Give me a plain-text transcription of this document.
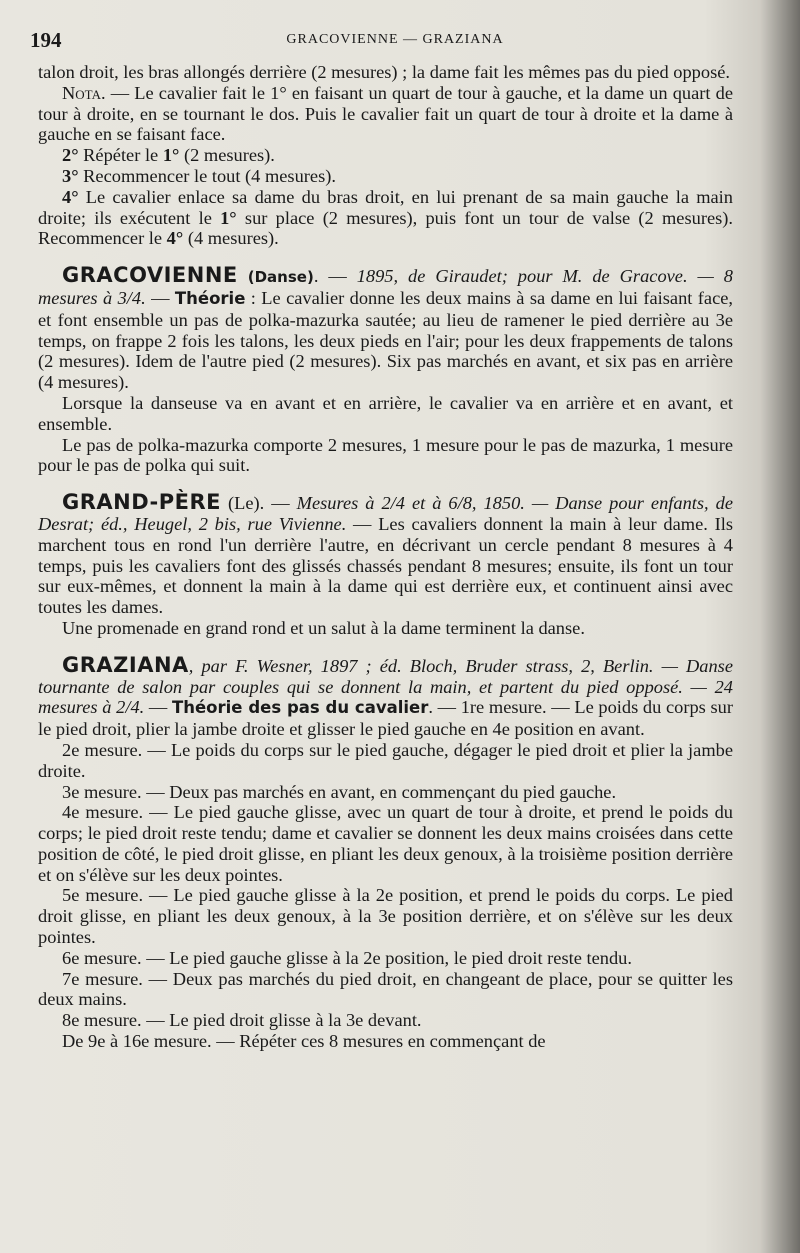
194	GRACOVIENNE — GRAZIANA

talon droit, les bras allongés derrière (2 mesures) ; la dame fait les mêmes pas du pied opposé.

Nota. — Le cavalier fait le 1° en faisant un quart de tour à gauche, et la dame un quart de tour à droite, en se tournant le dos. Puis le cavalier fait un quart de tour à droite et la dame à gauche en se faisant face.

2° Répéter le 1° (2 mesures).

3° Recommencer le tout (4 mesures).

4° Le cavalier enlace sa dame du bras droit, en lui prenant de sa main gauche la main droite; ils exécutent le 1° sur place (2 mesures), puis font un tour de valse (2 mesures). Recommencer le 4° (4 mesures).

GRACOVIENNE (Danse). — 1895, de Giraudet; pour M. de Gracove. — 8 mesures à 3/4. — Théorie : Le cavalier donne les deux mains à sa dame en lui faisant face, et font ensemble un pas de polka-mazurka sautée; au lieu de ramener le pied derrière au 3e temps, on frappe 2 fois les talons, les deux pieds en l'air; pour les deux frappements de talons (2 mesures). Idem de l'autre pied (2 mesures). Six pas marchés en avant, et six pas en arrière (4 mesures).

Lorsque la danseuse va en avant et en arrière, le cavalier va en arrière et en avant, et ensemble.

Le pas de polka-mazurka comporte 2 mesures, 1 mesure pour le pas de mazurka, 1 mesure pour le pas de polka qui suit.

GRAND-PÈRE (Le). — Mesures à 2/4 et à 6/8, 1850. — Danse pour enfants, de Desrat; éd., Heugel, 2 bis, rue Vivienne. — Les cavaliers donnent la main à leur dame. Ils marchent tous en rond l'un derrière l'autre, en décrivant un cercle pendant 8 mesures à 4 temps, puis les cavaliers font des glissés chassés pendant 8 mesures; ensuite, ils font un tour sur eux-mêmes, et donnent la main à la dame qui est derrière eux, et continuent ainsi avec toutes les dames.

Une promenade en grand rond et un salut à la dame terminent la danse.

GRAZIANA, par F. Wesner, 1897 ; éd. Bloch, Bruder strass, 2, Berlin. — Danse tournante de salon par couples qui se donnent la main, et partent du pied opposé. — 24 mesures à 2/4. — Théorie des pas du cavalier. — 1re mesure. — Le poids du corps sur le pied droit, plier la jambe droite et glisser le pied gauche en 4e position en avant.

2e mesure. — Le poids du corps sur le pied gauche, dégager le pied droit et plier la jambe droite.

3e mesure. — Deux pas marchés en avant, en commençant du pied gauche.

4e mesure. — Le pied gauche glisse, avec un quart de tour à droite, et prend le poids du corps; le pied droit reste tendu; dame et cavalier se donnent les deux mains croisées dans cette position de côté, le pied droit glisse, en pliant les deux genoux, à la troisième position derrière et on s'élève sur les deux pointes.

5e mesure. — Le pied gauche glisse à la 2e position, et prend le poids du corps. Le pied droit glisse, en pliant les deux genoux, à la 3e position derrière, et on s'élève sur les deux pointes.

6e mesure. — Le pied gauche glisse à la 2e position, le pied droit reste tendu.

7e mesure. — Deux pas marchés du pied droit, en changeant de place, pour se quitter les deux mains.

8e mesure. — Le pied droit glisse à la 3e devant.

De 9e à 16e mesure. — Répéter ces 8 mesures en commençant de
